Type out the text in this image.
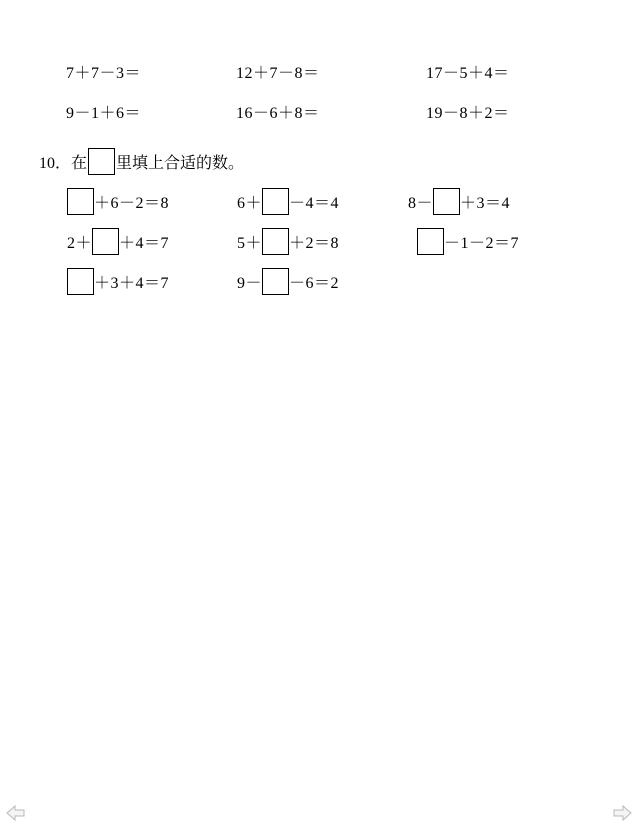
7＋7－3＝	12＋7－8＝	17－5＋4＝
9－1＋6＝	16－6＋8＝	19－8＋2＝
10．在 里填上合适的数。
＋6－2＝8	6＋ －4＝4	8－ ＋3＝4
2＋ ＋4＝7	5＋ ＋2＝8	－1－2＝7
＋3＋4＝7	9－ －6＝2
